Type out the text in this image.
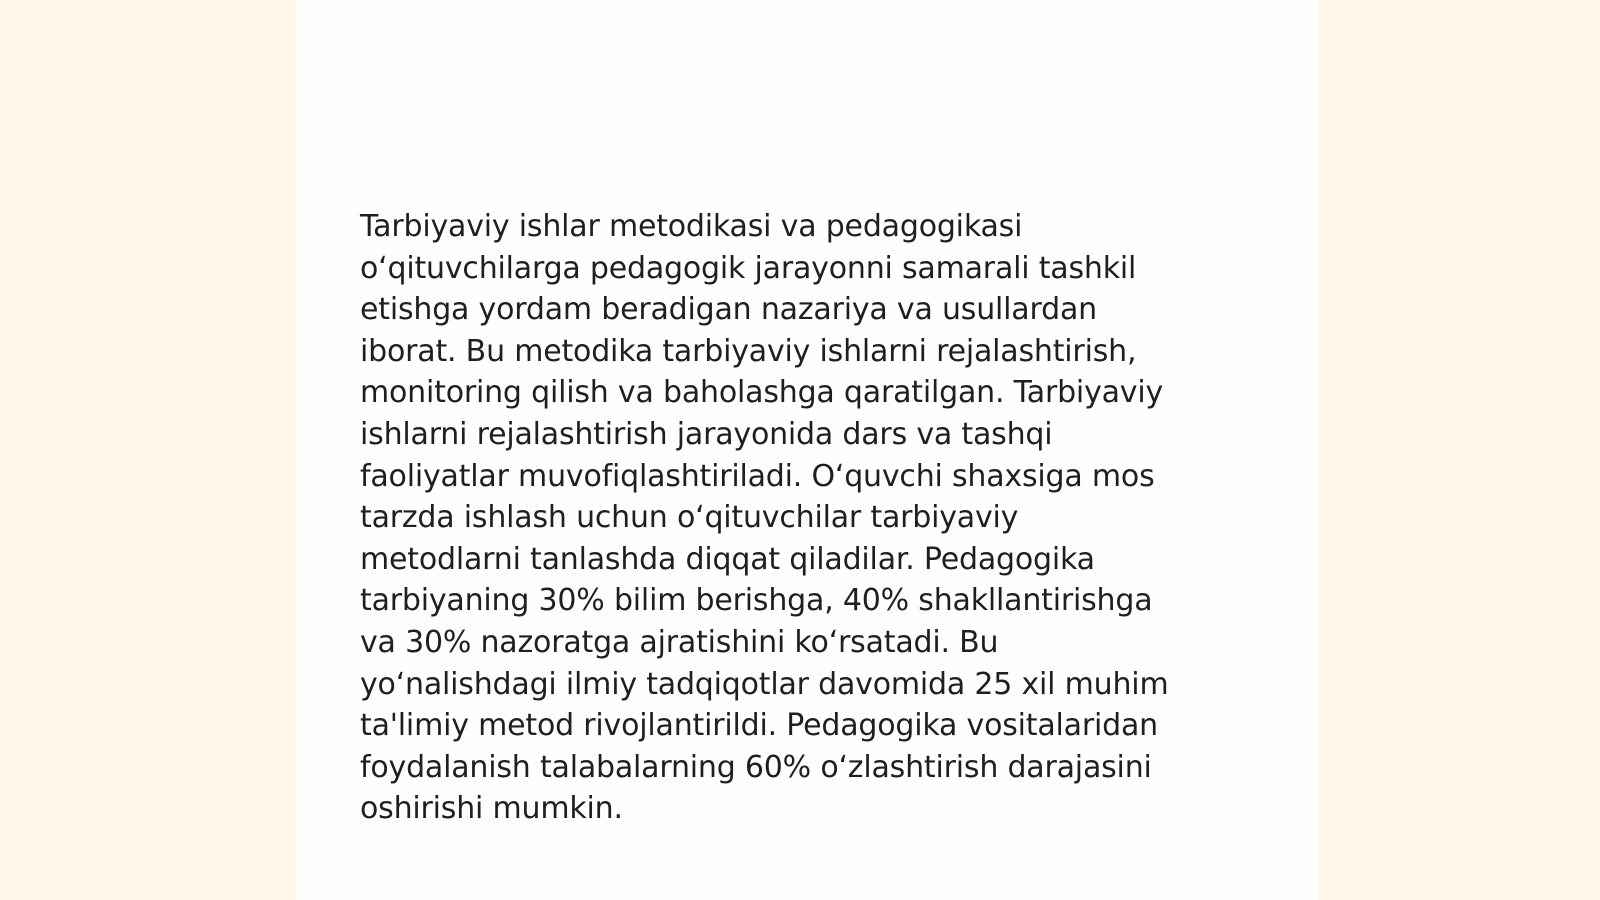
Tarbiyaviy ishlar metodikasi va pedagogikasi
oʻqituvchilarga pedagogik jarayonni samarali tashkil
etishga yordam beradigan nazariya va usullardan
iborat. Bu metodika tarbiyaviy ishlarni rejalashtirish,
monitoring qilish va baholashga qaratilgan. Tarbiyaviy
ishlarni rejalashtirish jarayonida dars va tashqi
faoliyatlar muvofiqlashtiriladi. Oʻquvchi shaxsiga mos
tarzda ishlash uchun oʻqituvchilar tarbiyaviy
metodlarni tanlashda diqqat qiladilar. Pedagogika
tarbiyaning 30% bilim berishga, 40% shakllantirishga
va 30% nazoratga ajratishini koʻrsatadi. Bu
yoʻnalishdagi ilmiy tadqiqotlar davomida 25 xil muhim
ta'limiy metod rivojlantirildi. Pedagogika vositalaridan
foydalanish talabalarning 60% oʻzlashtirish darajasini
oshirishi mumkin.
